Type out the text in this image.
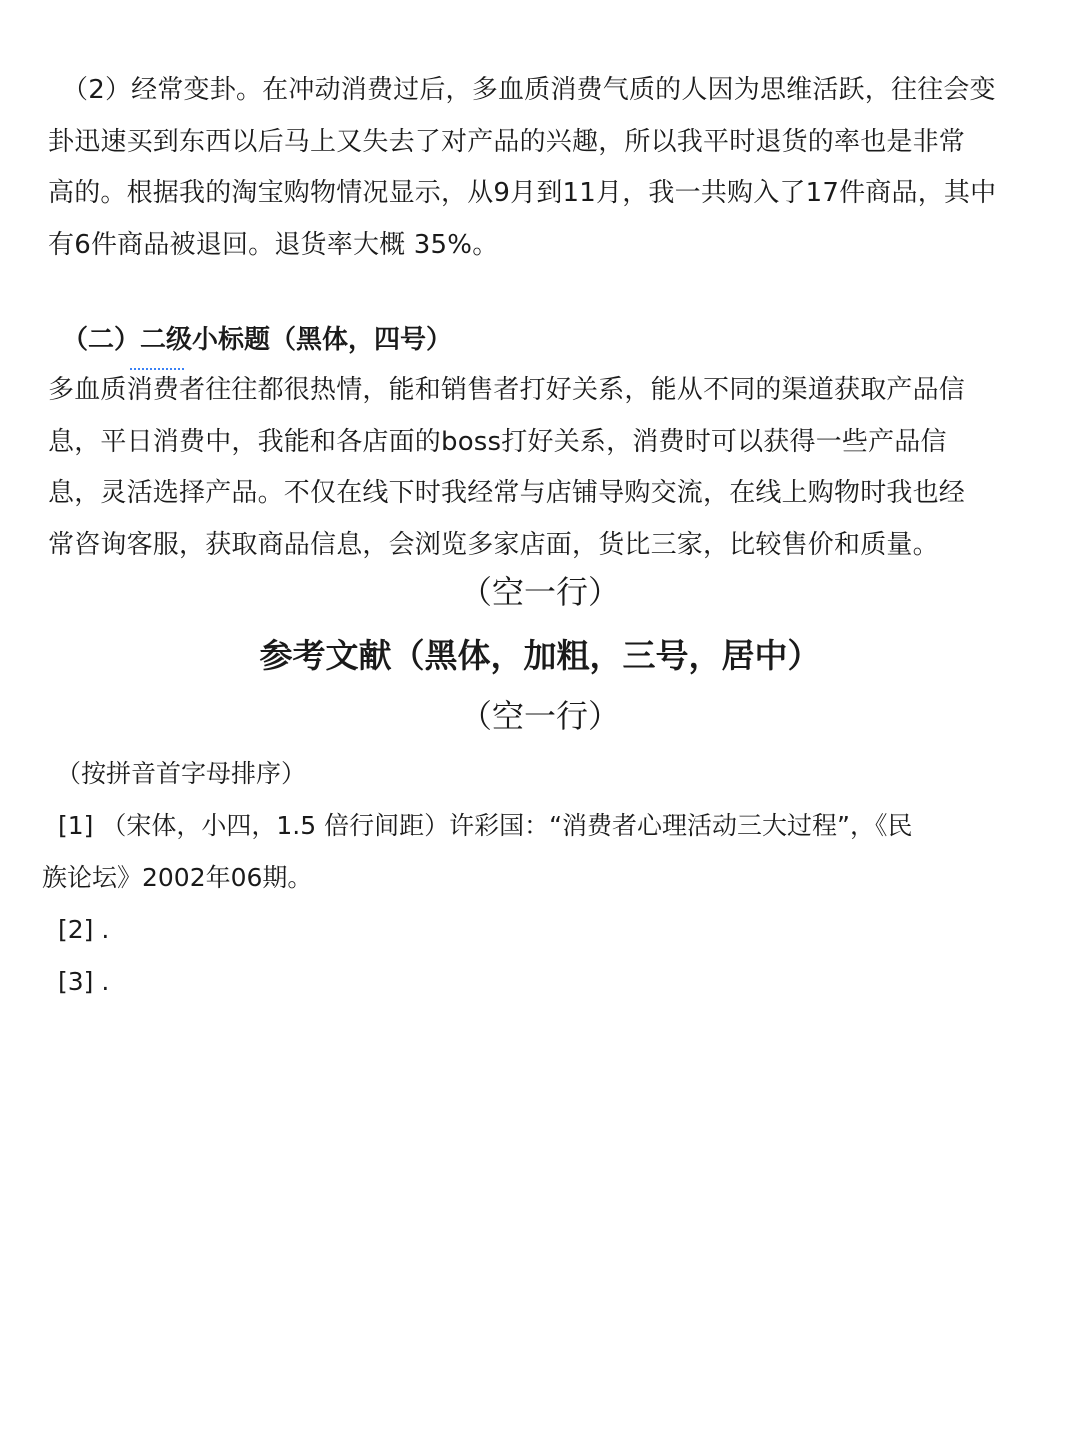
（2）经常变卦。在冲动消费过后，多血质消费气质的人因为思维活跃，往往会变
卦迅速买到东西以后马上又失去了对产品的兴趣，所以我平时退货的率也是非常
高的。根据我的淘宝购物情况显示，从9月到11月，我一共购入了17件商品，其中
有6件商品被退回。退货率大概 35%。

（二）二级小标题（黑体，四号）

多血质消费者往往都很热情，能和销售者打好关系，能从不同的渠道获取产品信
息，平日消费中，我能和各店面的boss打好关系，消费时可以获得一些产品信
息，灵活选择产品。不仅在线下时我经常与店铺导购交流，在线上购物时我也经
常咨询客服，获取商品信息，会浏览多家店面，货比三家，比较售价和质量。

（空一行）

参考文献（黑体，加粗，三号，居中）

（空一行）

（按拼音首字母排序）

[1] （宋体，小四，1.5 倍行间距）许彩国：“消费者心理活动三大过程”，《民
族论坛》2002年06期。

[2] .

[3] .
